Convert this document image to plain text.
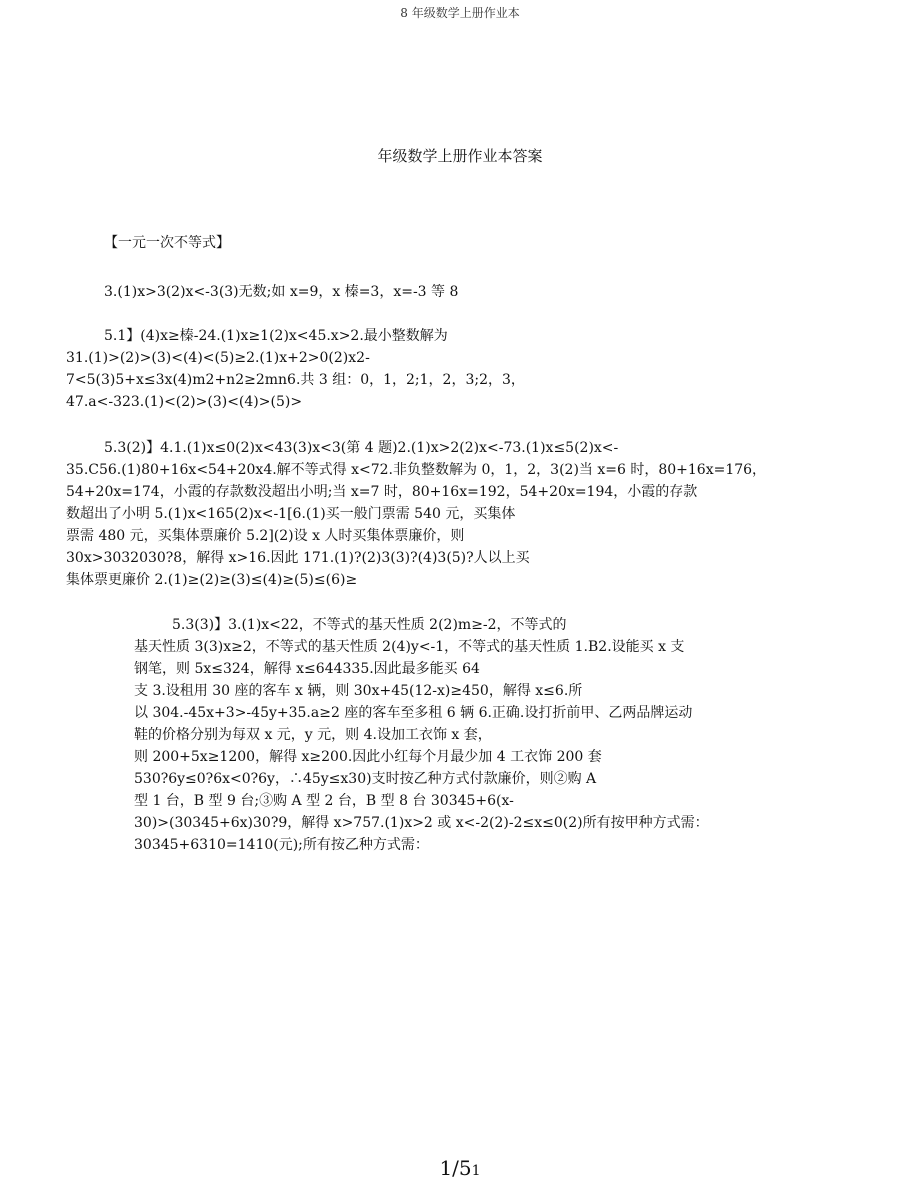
8 年级数学上册作业本
年级数学上册作业本答案
【一元一次不等式】
3.(1)x>3(2)x<-3(3)无数;如 x=9，x 榛=3，x=-3 等 8
5.1】(4)x≥榛-24.(1)x≥1(2)x<45.x>2.最小整数解为
31.(1)>(2)>(3)<(4)<(5)≥2.(1)x+2>0(2)x2-
7<5(3)5+x≤3x(4)m2+n2≥2mn6.共 3 组：0，1，2;1，2，3;2，3，
47.a<-323.(1)<(2)>(3)<(4)>(5)>
5.3(2)】4.1.(1)x≤0(2)x<43(3)x<3(第 4 题)2.(1)x>2(2)x<-73.(1)x≤5(2)x<-
35.C56.(1)80+16x<54+20x4.解不等式得 x<72.非负整数解为 0，1，2，3(2)当 x=6 时，80+16x=176，
54+20x=174，小霞的存款数没超出小明;当 x=7 时，80+16x=192，54+20x=194，小霞的存款
数超出了小明 5.(1)x<165(2)x<-1[6.(1)买一般门票需 540 元，买集体
票需 480 元，买集体票廉价 5.2](2)设 x 人时买集体票廉价，则
30x>3032030?8，解得 x>16.因此 171.(1)?(2)3(3)?(4)3(5)?人以上买
集体票更廉价 2.(1)≥(2)≥(3)≤(4)≥(5)≤(6)≥
5.3(3)】3.(1)x<22，不等式的基天性质 2(2)m≥-2，不等式的
基天性质 3(3)x≥2，不等式的基天性质 2(4)y<-1，不等式的基天性质 1.B2.设能买 x 支
钢笔，则 5x≤324，解得 x≤644335.因此最多能买 64
支 3.设租用 30 座的客车 x 辆，则 30x+45(12-x)≥450，解得 x≤6.所
以 304.-45x+3>-45y+35.a≥2 座的客车至多租 6 辆 6.正确.设打折前甲、乙两品牌运动
鞋的价格分别为每双 x 元，y 元，则 4.设加工衣饰 x 套，
则 200+5x≥1200，解得 x≥200.因此小红每个月最少加 4 工衣饰 200 套
530?6y≤0?6x<0?6y，∴45y≤x30)支时按乙种方式付款廉价，则②购 A
型 1 台，B 型 9 台;③购 A 型 2 台，B 型 8 台 30345+6(x-
30)>(30345+6x)30?9，解得 x>757.(1)x>2 或 x<-2(2)-2≤x≤0(2)所有按甲种方式需：
30345+6310=1410(元);所有按乙种方式需：
1/51
